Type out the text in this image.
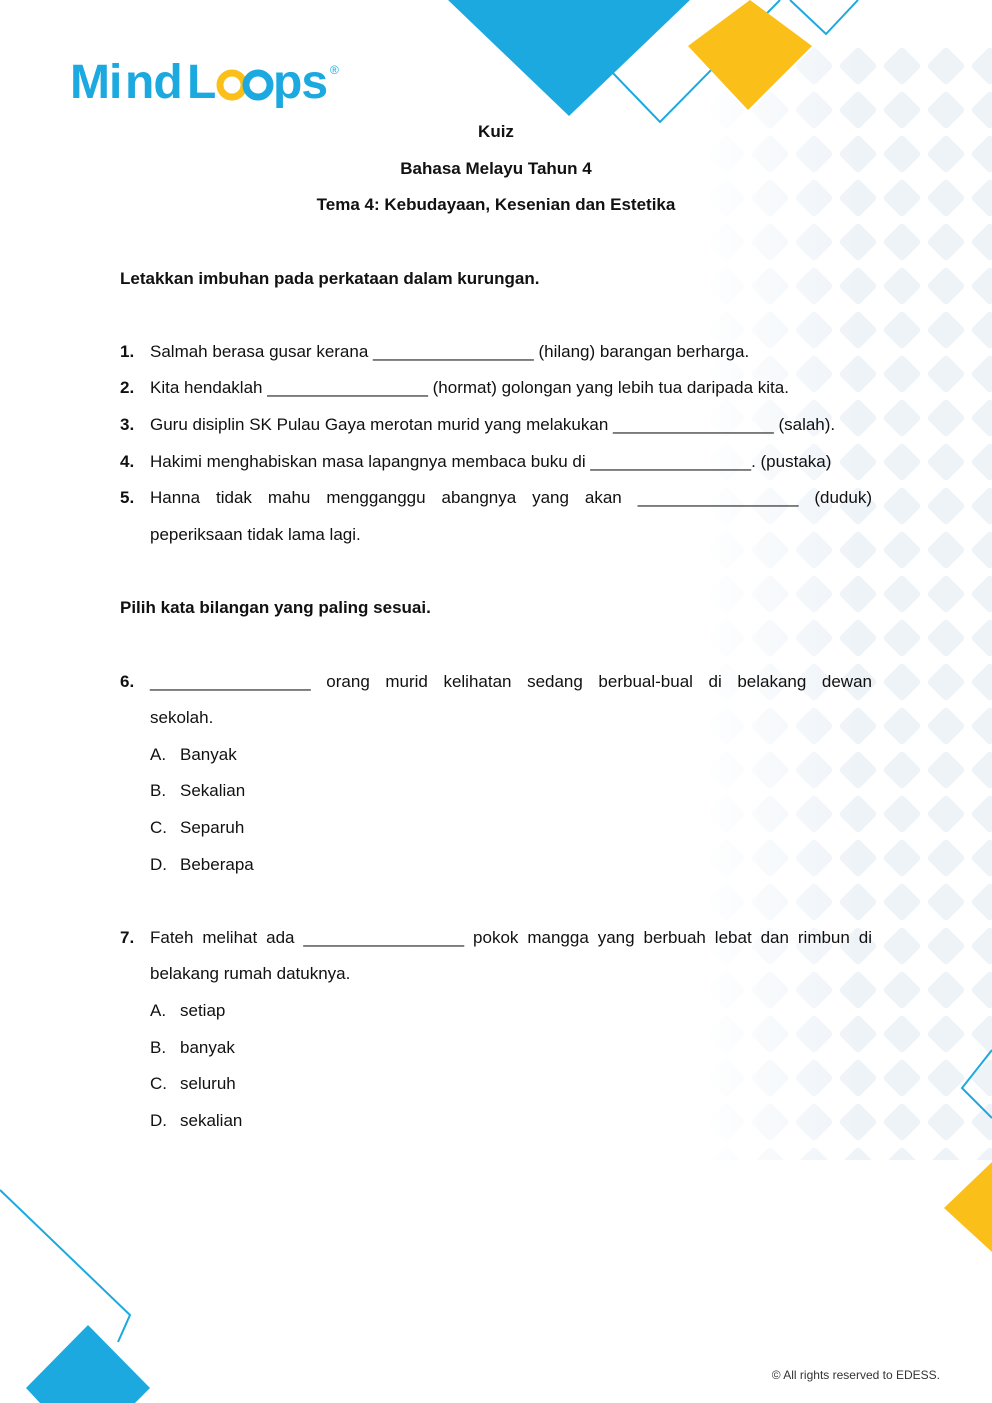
Mi nd L ps ®
Kuiz
Bahasa Melayu Tahun 4
Tema 4: Kebudayaan, Kesenian dan Estetika
Letakkan imbuhan pada perkataan dalam kurungan.
1. Salmah berasa gusar kerana _________________ (hilang) barangan berharga.
2. Kita hendaklah _________________ (hormat) golongan yang lebih tua daripada kita.
3. Guru disiplin SK Pulau Gaya merotan murid yang melakukan _________________ (salah).
4. Hakimi menghabiskan masa lapangnya membaca buku di _________________. (pustaka)
5. Hanna tidak mahu mengganggu abangnya yang akan _________________ (duduk)
peperiksaan tidak lama lagi.
Pilih kata bilangan yang paling sesuai.
6. _________________ orang murid kelihatan sedang berbual-bual di belakang dewan
sekolah.
A. Banyak
B. Sekalian
C. Separuh
D. Beberapa
7. Fateh melihat ada _________________ pokok mangga yang berbuah lebat dan rimbun di
belakang rumah datuknya.
A. setiap
B. banyak
C. seluruh
D. sekalian
© All rights reserved to EDESS.
